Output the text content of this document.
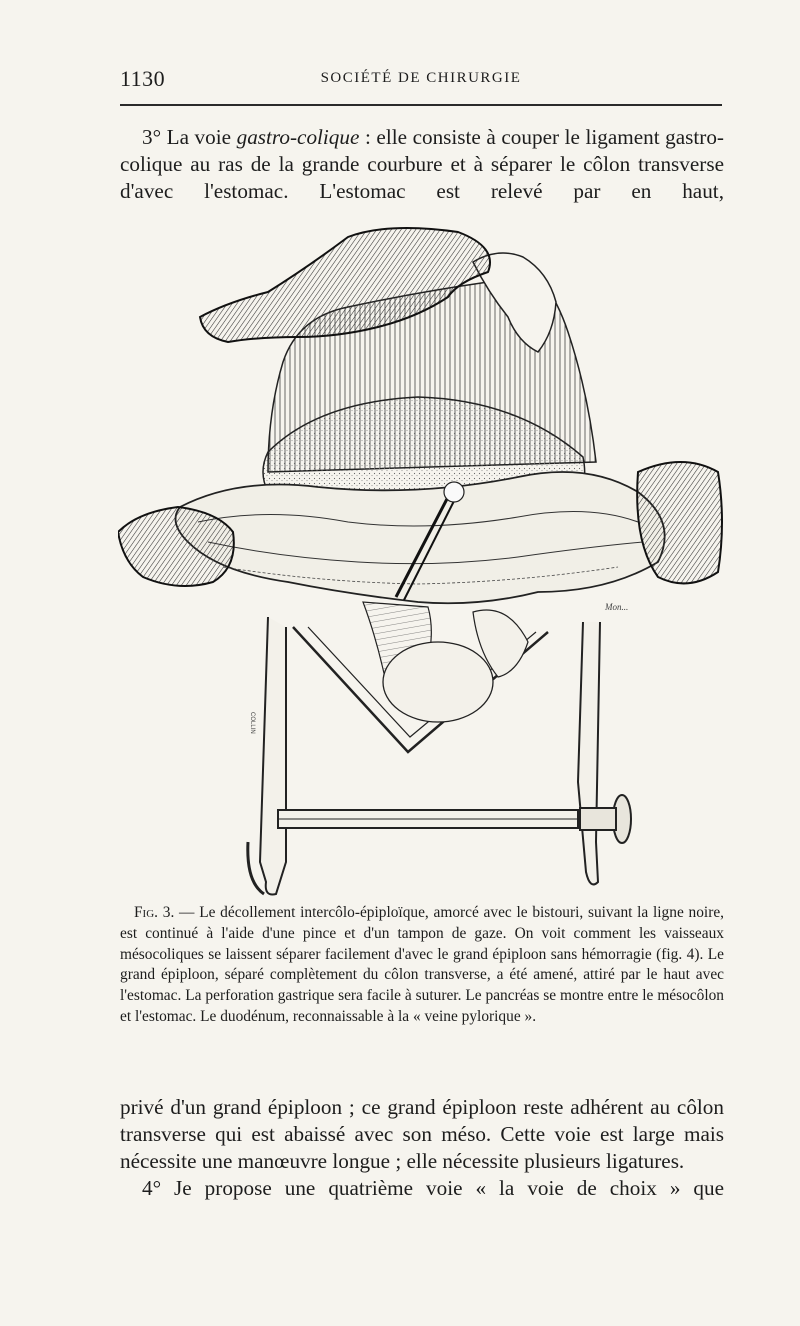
1130	SOCIÉTÉ DE CHIRURGIE

3° La voie gastro-colique : elle consiste à couper le ligament gastro-colique au ras de la grande courbure et à séparer le côlon transverse d'avec l'estomac. L'estomac est relevé par en haut,

COLLIN
Mon...

Fig. 3. — Le décollement intercôlo-épiploïque, amorcé avec le bistouri, suivant la ligne noire, est continué à l'aide d'une pince et d'un tampon de gaze. On voit comment les vaisseaux mésocoliques se laissent séparer facilement d'avec le grand épiploon sans hémorragie (fig. 4). Le grand épiploon, séparé complètement du côlon transverse, a été amené, attiré par le haut avec l'estomac. La perforation gastrique sera facile à suturer. Le pancréas se montre entre le mésocôlon et l'estomac. Le duodénum, reconnaissable à la « veine pylorique ».

privé d'un grand épiploon ; ce grand épiploon reste adhérent au côlon transverse qui est abaissé avec son méso. Cette voie est large mais nécessite une manœuvre longue ; elle nécessite plusieurs ligatures.

4° Je propose une quatrième voie « la voie de choix » que
